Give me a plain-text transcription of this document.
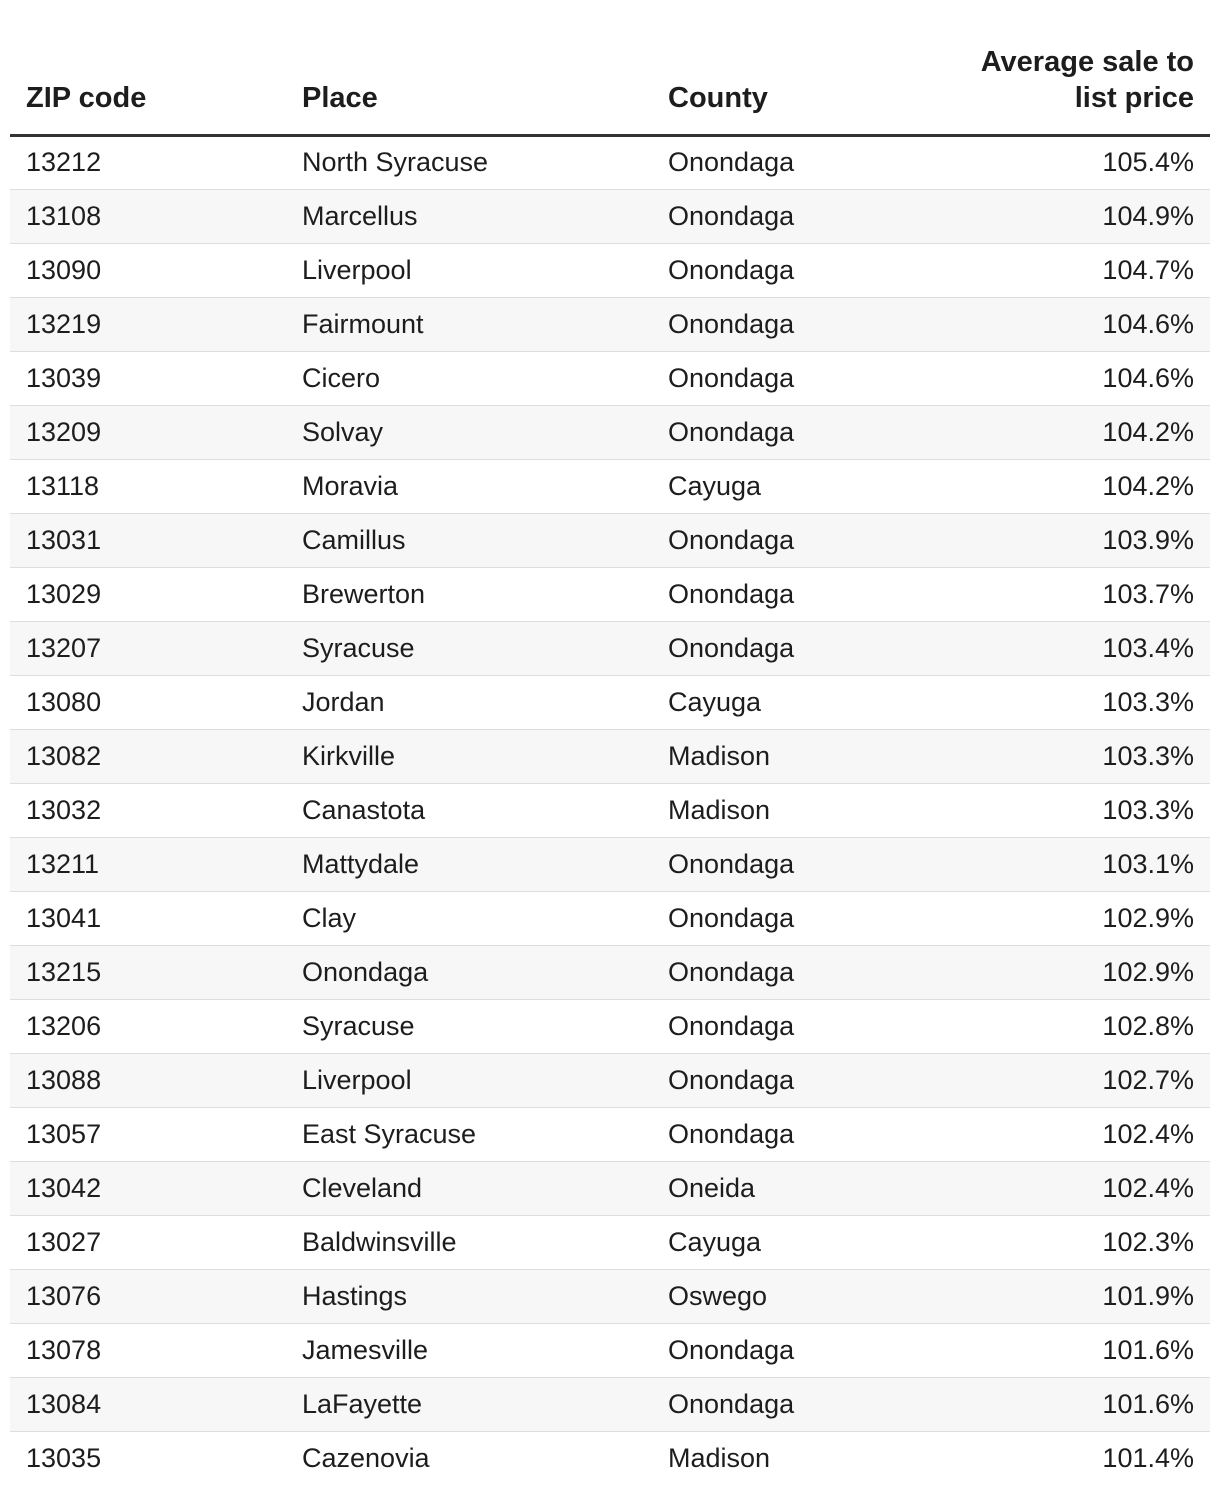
ZIP code	Place	County	Average sale to list price
13212	North Syracuse	Onondaga	105.4%
13108	Marcellus	Onondaga	104.9%
13090	Liverpool	Onondaga	104.7%
13219	Fairmount	Onondaga	104.6%
13039	Cicero	Onondaga	104.6%
13209	Solvay	Onondaga	104.2%
13118	Moravia	Cayuga	104.2%
13031	Camillus	Onondaga	103.9%
13029	Brewerton	Onondaga	103.7%
13207	Syracuse	Onondaga	103.4%
13080	Jordan	Cayuga	103.3%
13082	Kirkville	Madison	103.3%
13032	Canastota	Madison	103.3%
13211	Mattydale	Onondaga	103.1%
13041	Clay	Onondaga	102.9%
13215	Onondaga	Onondaga	102.9%
13206	Syracuse	Onondaga	102.8%
13088	Liverpool	Onondaga	102.7%
13057	East Syracuse	Onondaga	102.4%
13042	Cleveland	Oneida	102.4%
13027	Baldwinsville	Cayuga	102.3%
13076	Hastings	Oswego	101.9%
13078	Jamesville	Onondaga	101.6%
13084	LaFayette	Onondaga	101.6%
13035	Cazenovia	Madison	101.4%
